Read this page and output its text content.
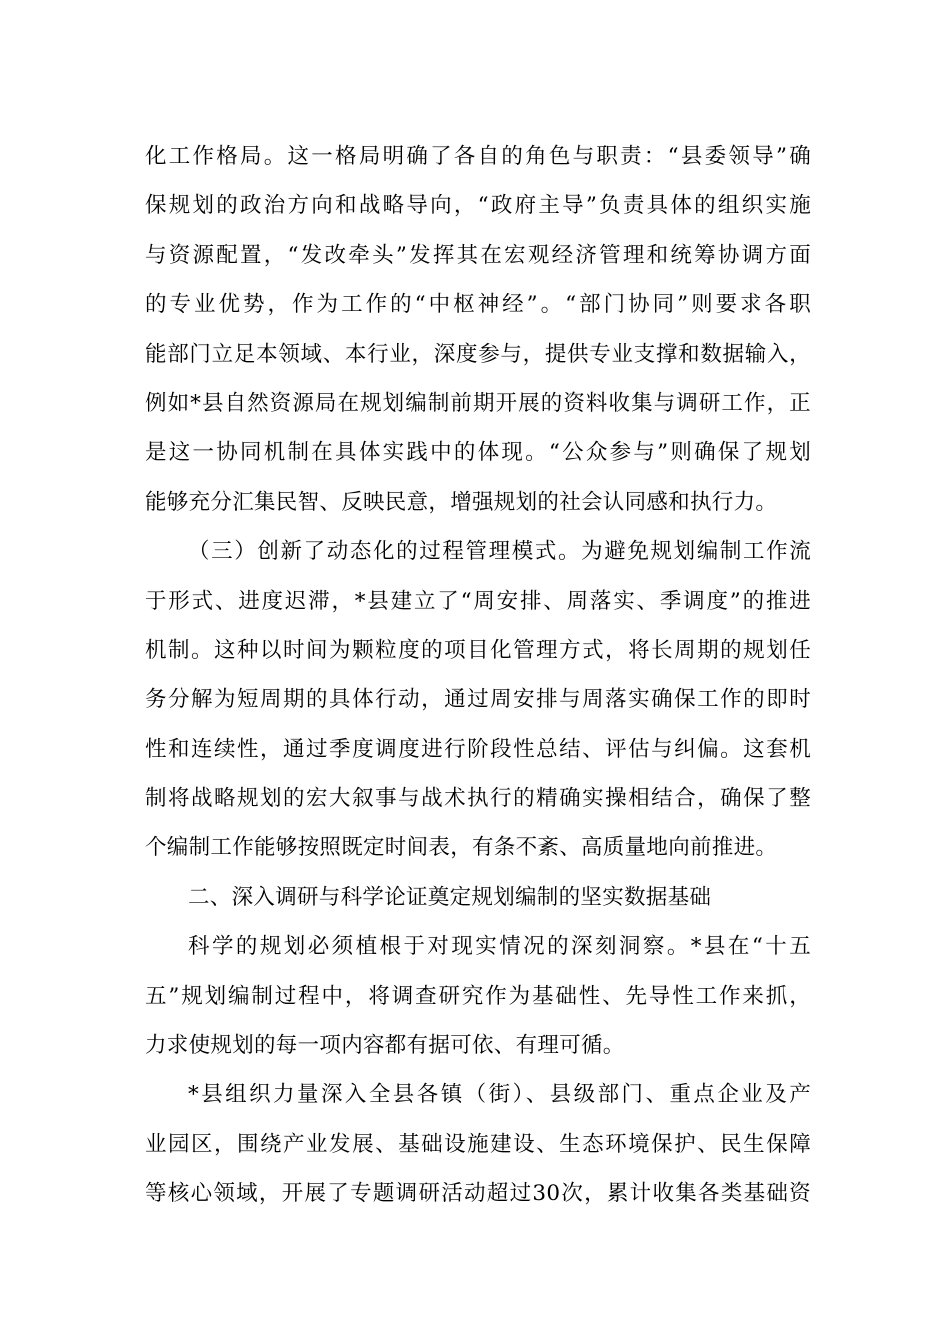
化工作格局。这一格局明确了各自的角色与职责：“县委领导”确
保规划的政治方向和战略导向，“政府主导”负责具体的组织实施
与资源配置，“发改牵头”发挥其在宏观经济管理和统筹协调方面
的专业优势，作为工作的“中枢神经”。“部门协同”则要求各职
能部门立足本领域、本行业，深度参与，提供专业支撑和数据输入，
例如*县自然资源局在规划编制前期开展的资料收集与调研工作，正
是这一协同机制在具体实践中的体现。“公众参与”则确保了规划
能够充分汇集民智、反映民意，增强规划的社会认同感和执行力。
（三）创新了动态化的过程管理模式。为避免规划编制工作流
于形式、进度迟滞，*县建立了“周安排、周落实、季调度”的推进
机制。这种以时间为颗粒度的项目化管理方式，将长周期的规划任
务分解为短周期的具体行动，通过周安排与周落实确保工作的即时
性和连续性，通过季度调度进行阶段性总结、评估与纠偏。这套机
制将战略规划的宏大叙事与战术执行的精确实操相结合，确保了整
个编制工作能够按照既定时间表，有条不紊、高质量地向前推进。
二、深入调研与科学论证奠定规划编制的坚实数据基础
科学的规划必须植根于对现实情况的深刻洞察。*县在“十五
五”规划编制过程中，将调查研究作为基础性、先导性工作来抓，
力求使规划的每一项内容都有据可依、有理可循。
*县组织力量深入全县各镇（街）、县级部门、重点企业及产
业园区，围绕产业发展、基础设施建设、生态环境保护、民生保障
等核心领域，开展了专题调研活动超过30次，累计收集各类基础资
